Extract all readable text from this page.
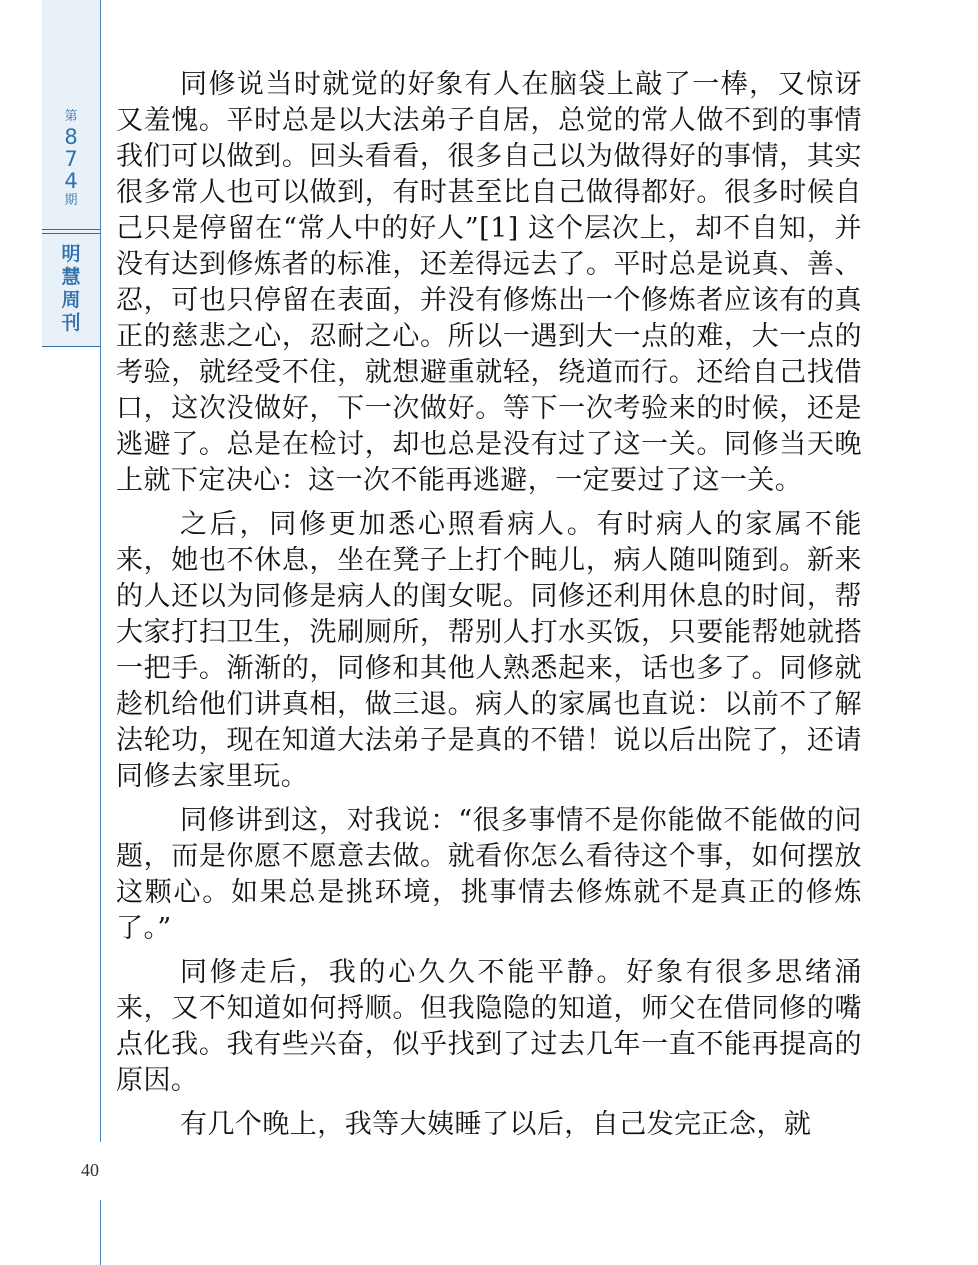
第
8
7
4
期
明
慧
周
刊

同修说当时就觉的好象有人在脑袋上敲了一棒，又惊讶又羞愧。平时总是以大法弟子自居，总觉的常人做不到的事情我们可以做到。回头看看，很多自己以为做得好的事情，其实很多常人也可以做到，有时甚至比自己做得都好。很多时候自己只是停留在“常人中的好人”[1] 这个层次上，却不自知，并没有达到修炼者的标准，还差得远去了。平时总是说真、善、忍，可也只停留在表面，并没有修炼出一个修炼者应该有的真正的慈悲之心，忍耐之心。所以一遇到大一点的难，大一点的考验，就经受不住，就想避重就轻，绕道而行。还给自己找借口，这次没做好，下一次做好。等下一次考验来的时候，还是逃避了。总是在检讨，却也总是没有过了这一关。同修当天晚上就下定决心：这一次不能再逃避，一定要过了这一关。

之后，同修更加悉心照看病人。有时病人的家属不能来，她也不休息，坐在凳子上打个盹儿，病人随叫随到。新来的人还以为同修是病人的闺女呢。同修还利用休息的时间，帮大家打扫卫生，洗刷厕所，帮别人打水买饭，只要能帮她就搭一把手。渐渐的，同修和其他人熟悉起来，话也多了。同修就趁机给他们讲真相，做三退。病人的家属也直说：以前不了解法轮功，现在知道大法弟子是真的不错！说以后出院了，还请同修去家里玩。

同修讲到这，对我说：“很多事情不是你能做不能做的问题，而是你愿不愿意去做。就看你怎么看待这个事，如何摆放这颗心。如果总是挑环境，挑事情去修炼就不是真正的修炼了。”

同修走后，我的心久久不能平静。好象有很多思绪涌来，又不知道如何捋顺。但我隐隐的知道，师父在借同修的嘴点化我。我有些兴奋，似乎找到了过去几年一直不能再提高的原因。

有几个晚上，我等大姨睡了以后，自己发完正念，就

40
